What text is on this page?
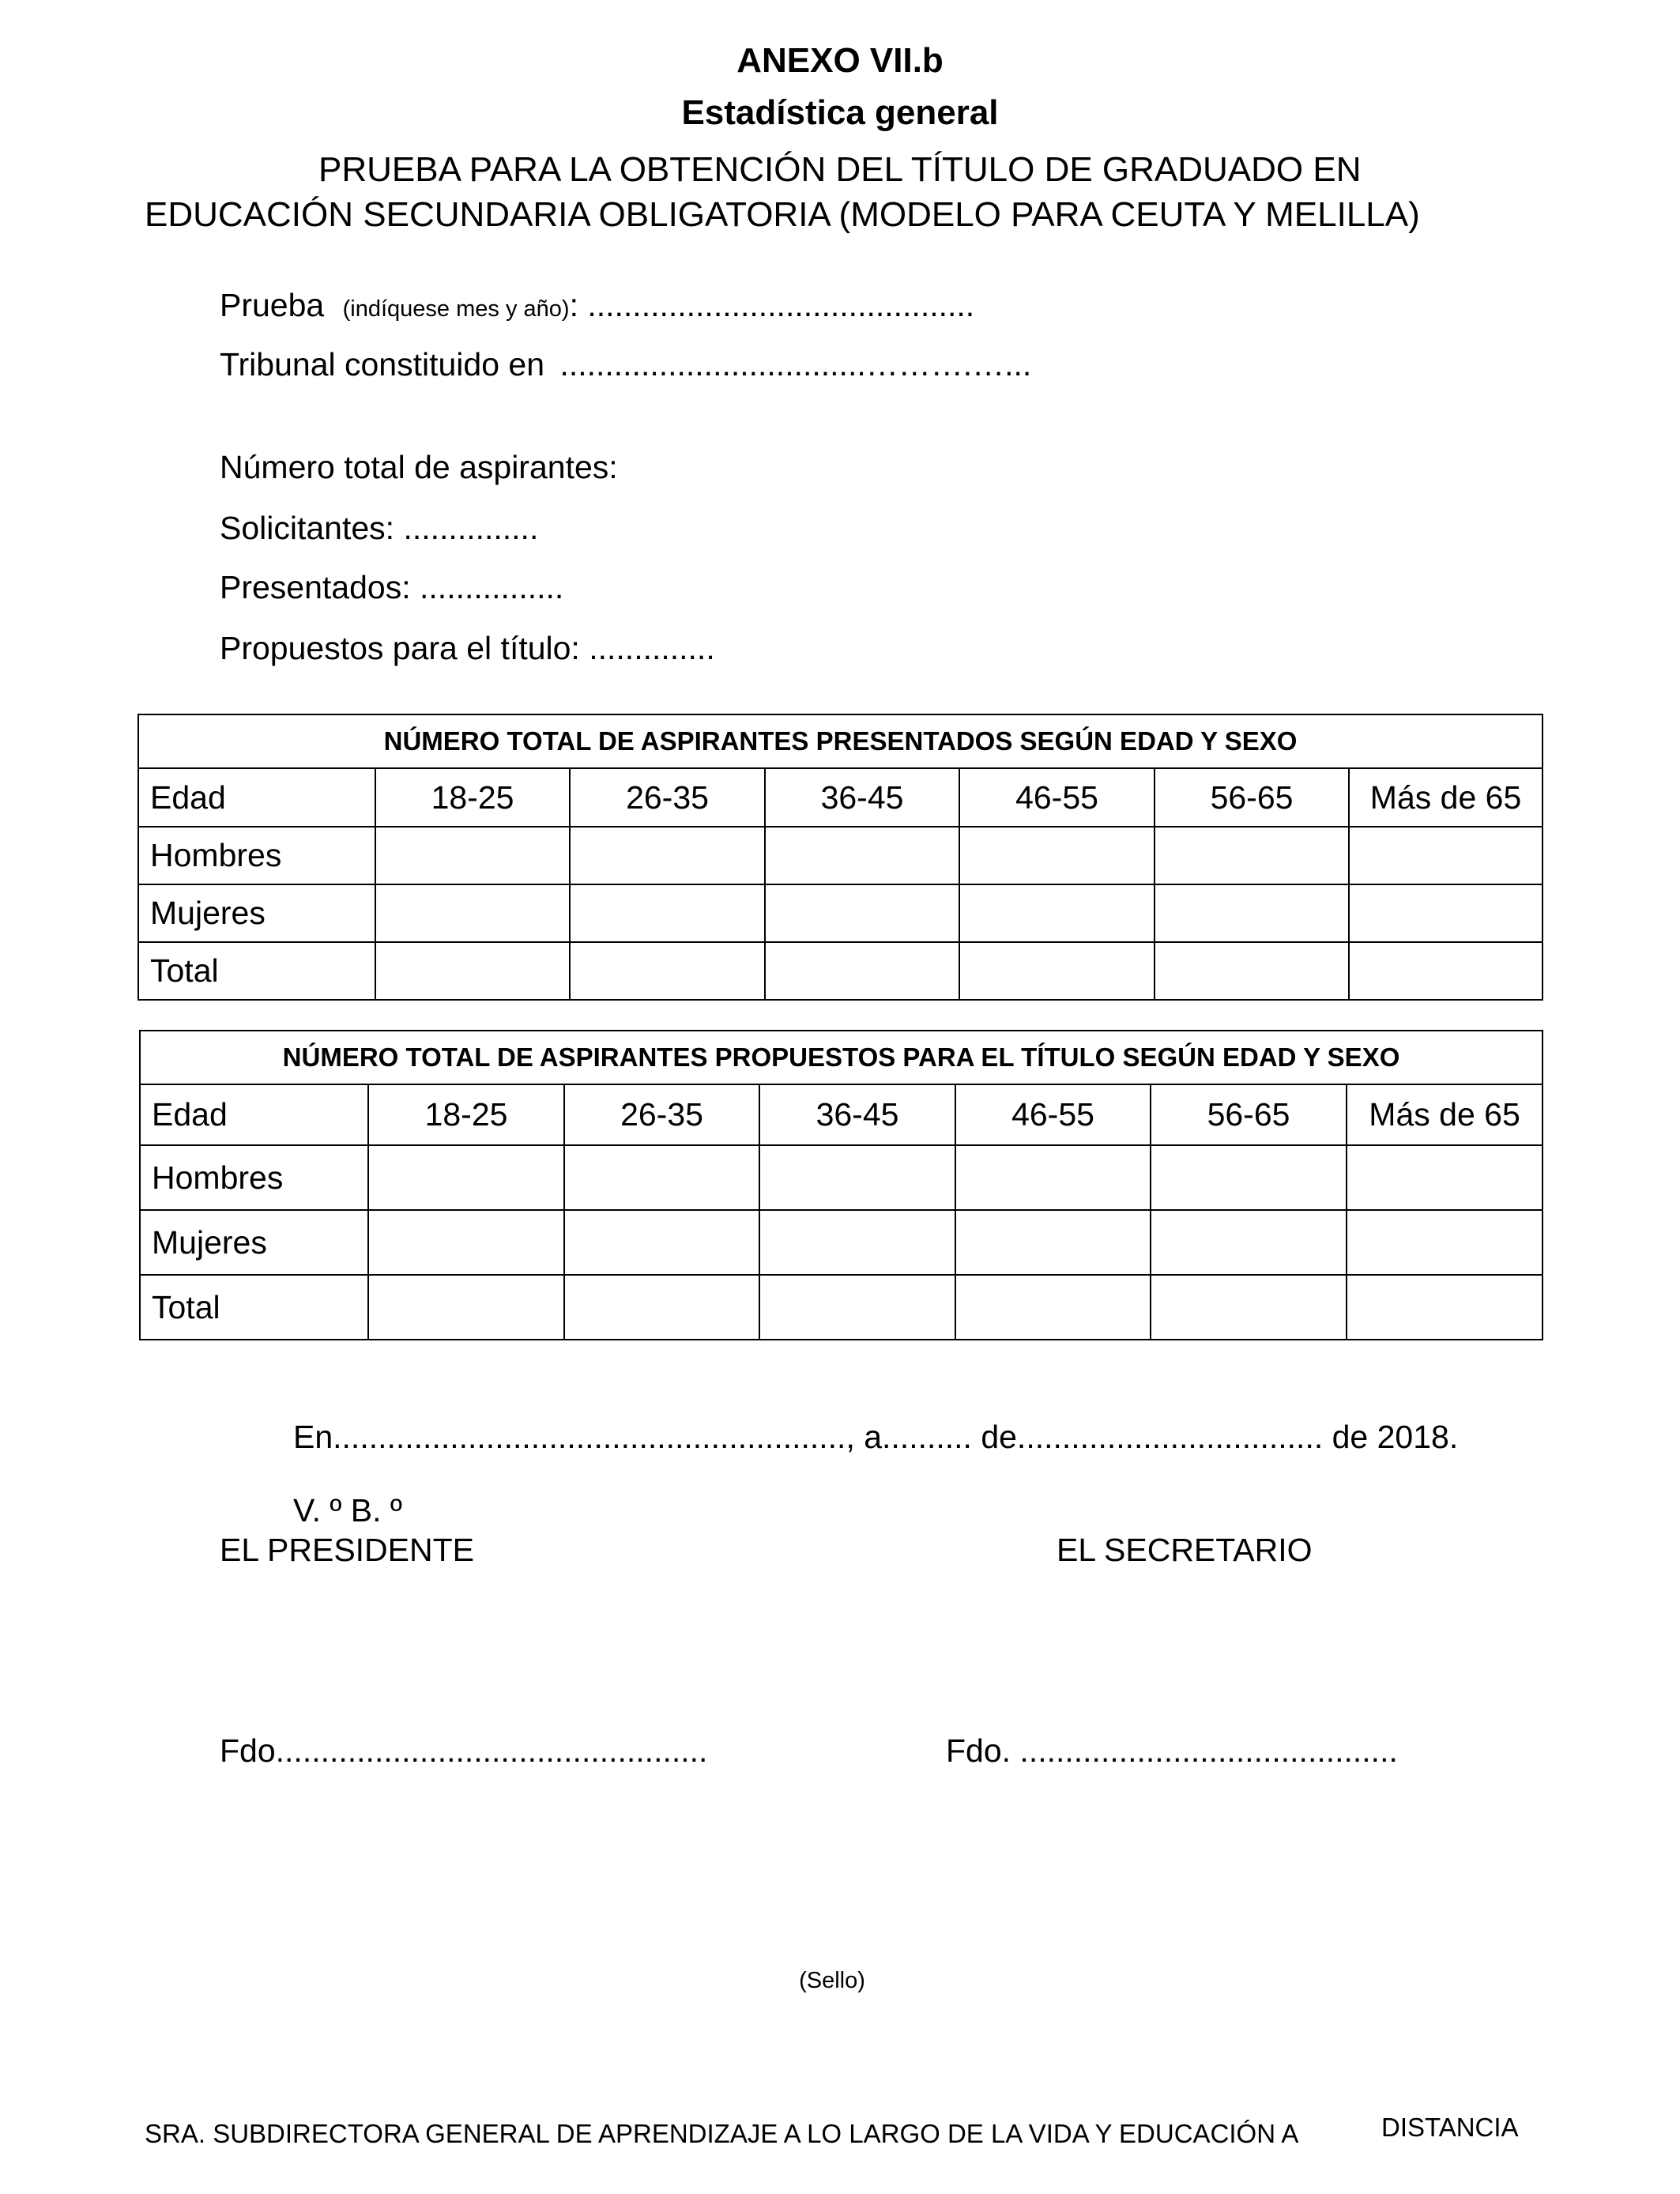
ANEXO VII.b
Estadística general
PRUEBA PARA LA OBTENCIÓN DEL TÍTULO DE GRADUADO EN
EDUCACIÓN SECUNDARIA OBLIGATORIA (MODELO PARA CEUTA Y MELILLA)
Prueba (indíquese mes y año): ...........................................
Tribunal constituido en ..................................……….…...
Número total de aspirantes:
Solicitantes: ...............
Presentados: ................
Propuestos para el título: ..............
NÚMERO TOTAL DE ASPIRANTES PRESENTADOS SEGÚN EDAD Y SEXO						
Edad	18-25	26-35	36-45	46-55	56-65	Más de 65
Hombres						
Mujeres						
Total						
NÚMERO TOTAL DE ASPIRANTES PROPUESTOS PARA EL TÍTULO SEGÚN EDAD Y SEXO						
Edad	18-25	26-35	36-45	46-55	56-65	Más de 65
Hombres						
Mujeres						
Total						
En........................................................., a.......... de.................................. de 2018.
V. º B. º
EL PRESIDENTE	EL SECRETARIO
Fdo................................................	Fdo. ..........................................
(Sello)
SRA. SUBDIRECTORA GENERAL DE APRENDIZAJE A LO LARGO DE LA VIDA Y EDUCACIÓN A	DISTANCIA
